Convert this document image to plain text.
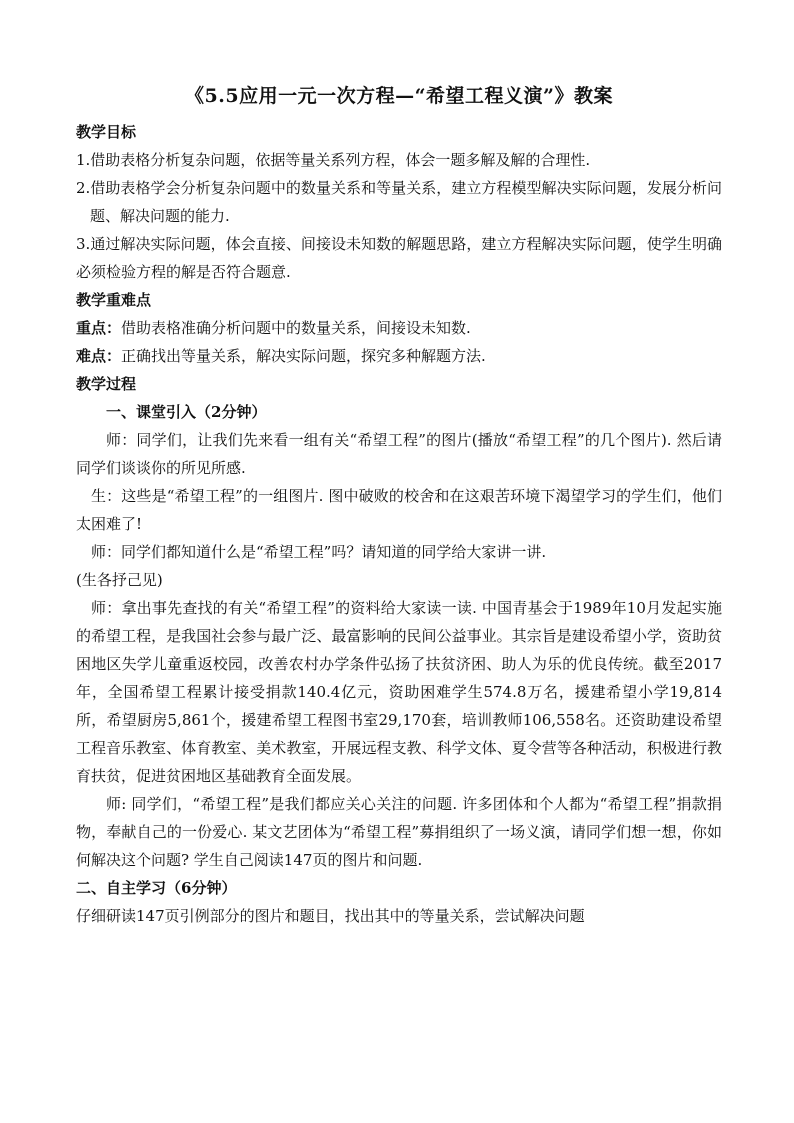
《5.5应用一元一次方程—“希望工程义演”》教案

教学目标

1.借助表格分析复杂问题，依据等量关系列方程，体会一题多解及解的合理性.

2.借助表格学会分析复杂问题中的数量关系和等量关系，建立方程模型解决实际问题，发展分析问题、解决问题的能力.

3.通过解决实际问题，体会直接、间接设未知数的解题思路，建立方程解决实际问题，使学生明确必须检验方程的解是否符合题意.

教学重难点

重点：借助表格准确分析问题中的数量关系，间接设未知数.

难点：正确找出等量关系，解决实际问题，探究多种解题方法.

教学过程

一、课堂引入（2分钟）

师：同学们，让我们先来看一组有关“希望工程”的图片(播放“希望工程”的几个图片). 然后请同学们谈谈你的所见所感.

生：这些是“希望工程”的一组图片. 图中破败的校舍和在这艰苦环境下渴望学习的学生们，他们太困难了!

师：同学们都知道什么是“希望工程”吗？请知道的同学给大家讲一讲.

(生各抒己见)

师：拿出事先查找的有关“希望工程”的资料给大家读一读. 中国青基会于1989年10月发起实施的希望工程，是我国社会参与最广泛、最富影响的民间公益事业。其宗旨是建设希望小学，资助贫困地区失学儿童重返校园，改善农村办学条件弘扬了扶贫济困、助人为乐的优良传统。截至2017年，全国希望工程累计接受捐款140.4亿元，资助困难学生574.8万名，援建希望小学19,814所，希望厨房5,861个，援建希望工程图书室29,170套，培训教师106,558名。还资助建设希望工程音乐教室、体育教室、美术教室，开展远程支教、科学文体、夏令营等各种活动，积极进行教育扶贫，促进贫困地区基础教育全面发展。

师: 同学们，“希望工程”是我们都应关心关注的问题. 许多团体和个人都为“希望工程”捐款捐物，奉献自己的一份爱心. 某文艺团体为“希望工程”募捐组织了一场义演，请同学们想一想，你如何解决这个问题? 学生自己阅读147页的图片和问题.

二、自主学习（6分钟）

仔细研读147页引例部分的图片和题目，找出其中的等量关系，尝试解决问题
